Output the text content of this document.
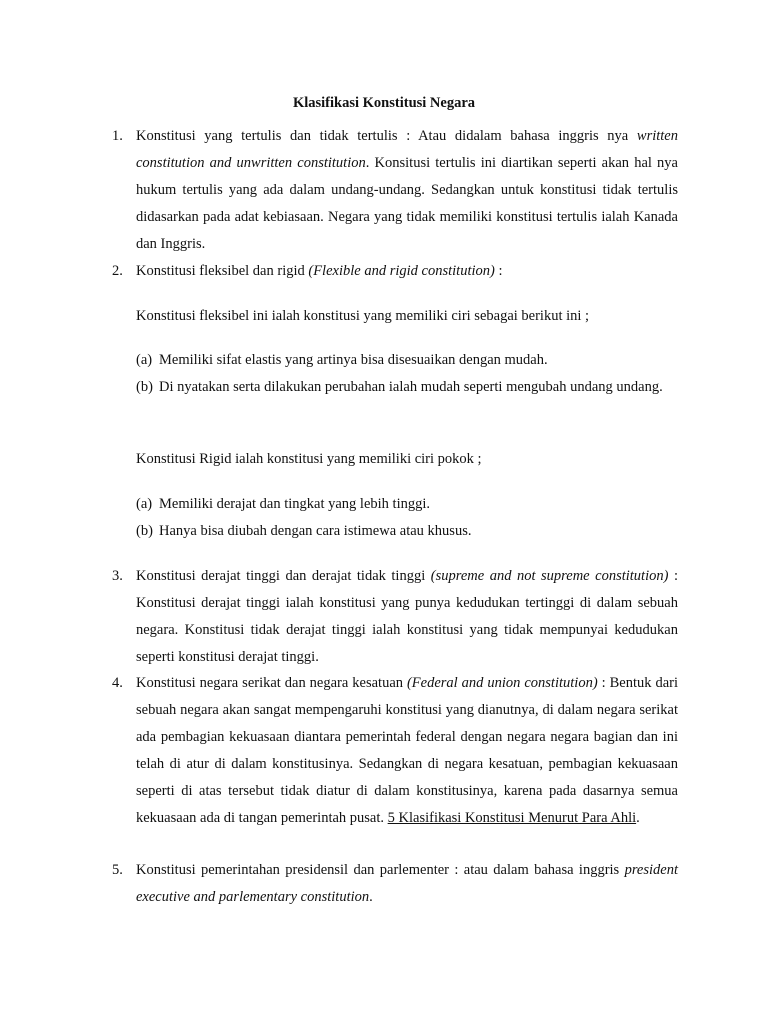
Klasifikasi Konstitusi Negara
1. Konstitusi yang tertulis dan tidak tertulis : Atau didalam bahasa inggris nya written constitution and unwritten constitution. Konsitusi tertulis ini diartikan seperti akan hal nya hukum tertulis yang ada dalam undang-undang. Sedangkan untuk konstitusi tidak tertulis didasarkan pada adat kebiasaan. Negara yang tidak memiliki konstitusi tertulis ialah Kanada dan Inggris.
2. Konstitusi fleksibel dan rigid (Flexible and rigid constitution) :
Konstitusi fleksibel ini ialah konstitusi yang memiliki ciri sebagai berikut ini ;
(a) Memiliki sifat elastis yang artinya bisa disesuaikan dengan mudah.
(b) Di nyatakan serta dilakukan perubahan ialah mudah seperti mengubah undang undang.
Konstitusi Rigid ialah konstitusi yang memiliki ciri pokok ;
(a) Memiliki derajat dan tingkat yang lebih tinggi.
(b) Hanya bisa diubah dengan cara istimewa atau khusus.
3. Konstitusi derajat tinggi dan derajat tidak tinggi (supreme and not supreme constitution) : Konstitusi derajat tinggi ialah konstitusi yang punya kedudukan tertinggi di dalam sebuah negara. Konstitusi tidak derajat tinggi ialah konstitusi yang tidak mempunyai kedudukan seperti konstitusi derajat tinggi.
4. Konstitusi negara serikat dan negara kesatuan (Federal and union constitution) : Bentuk dari sebuah negara akan sangat mempengaruhi konstitusi yang dianutnya, di dalam negara serikat ada pembagian kekuasaan diantara pemerintah federal dengan negara negara bagian dan ini telah di atur di dalam konstitusinya. Sedangkan di negara kesatuan, pembagian kekuasaan seperti di atas tersebut tidak diatur di dalam konstitusinya, karena pada dasarnya semua kekuasaan ada di tangan pemerintah pusat. 5 Klasifikasi Konstitusi Menurut Para Ahli.
5. Konstitusi pemerintahan presidensil dan parlementer : atau dalam bahasa inggris president executive and parlementary constitution.
